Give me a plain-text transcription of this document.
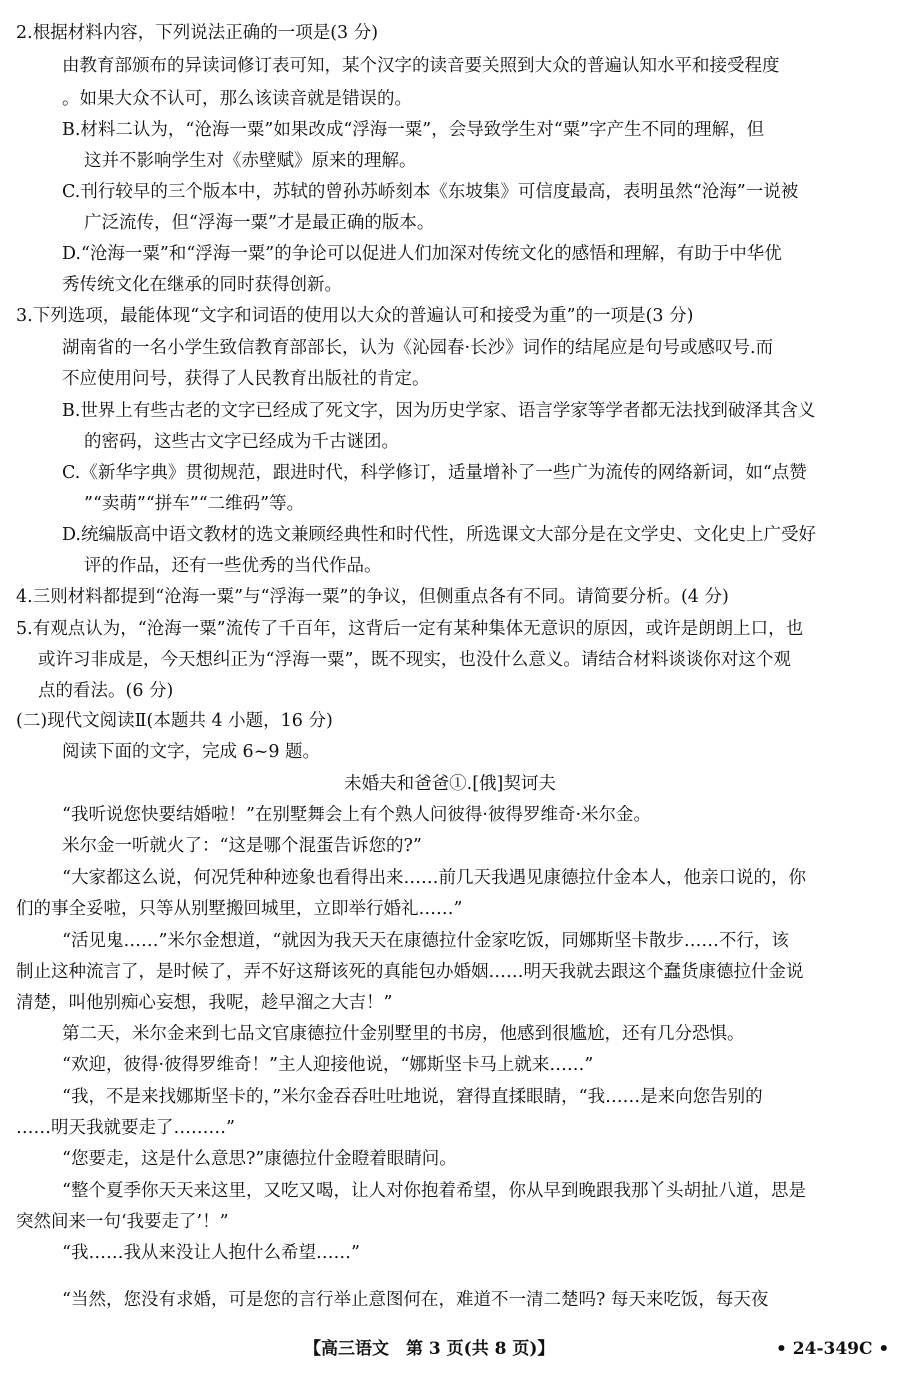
2.根据材料内容，下列说法正确的一项是(3 分)
由教育部颁布的异读词修订表可知，某个汉字的读音要关照到大众的普遍认知水平和接受程度
。如果大众不认可，那么该读音就是错误的。
B.材料二认为，“沧海一粟”如果改成“浮海一粟”，会导致学生对“粟”字产生不同的理解，但
这并不影响学生对《赤壁赋》原来的理解。
C.刊行较早的三个版本中，苏轼的曾孙苏峤刻本《东坡集》可信度最高，表明虽然“沧海”一说被
广泛流传，但“浮海一粟”才是最正确的版本。
D.“沧海一粟”和“浮海一粟”的争论可以促进人们加深对传统文化的感悟和理解，有助于中华优
秀传统文化在继承的同时获得创新。
3.下列选项，最能体现“文字和词语的使用以大众的普遍认可和接受为重”的一项是(3 分)
湖南省的一名小学生致信教育部部长，认为《沁园春·长沙》词作的结尾应是句号或感叹号.而
不应使用问号，获得了人民教育出版社的肯定。
B.世界上有些古老的文字已经成了死文字，因为历史学家、语言学家等学者都无法找到破泽其含义
的密码，这些古文字已经成为千古谜团。
C.《新华字典》贯彻规范，跟进时代，科学修订，适量增补了一些广为流传的网络新词，如“点赞
”“卖萌”“拼车”“二维码”等。
D.统编版高中语文教材的选文兼顾经典性和时代性，所选课文大部分是在文学史、文化史上广受好
评的作品，还有一些优秀的当代作品。
4.三则材料都提到“沧海一粟”与“浮海一粟”的争议，但侧重点各有不同。请简要分析。(4 分)
5.有观点认为，“沧海一粟”流传了千百年，这背后一定有某种集体无意识的原因，或许是朗朗上口，也
或许习非成是，今天想纠正为“浮海一粟”，既不现实，也没什么意义。请结合材料谈谈你对这个观
点的看法。(6 分)
(二)现代文阅读Ⅱ(本题共 4 小题，16 分)
阅读下面的文字，完成 6~9 题。
未婚夫和爸爸①.[俄]契诃夫
“我听说您快要结婚啦！”在别墅舞会上有个熟人问彼得·彼得罗维奇·米尔金。
米尔金一听就火了：“这是哪个混蛋告诉您的?”
“大家都这么说，何况凭种种迹象也看得出来……前几天我遇见康德拉什金本人，他亲口说的，你
们的事全妥啦，只等从别墅搬回城里，立即举行婚礼……”
“活见鬼……”米尔金想道，“就因为我天天在康德拉什金家吃饭，同娜斯坚卡散步……不行，该
制止这种流言了，是时候了，弄不好这搿该死的真能包办婚姻……明天我就去跟这个蠢货康德拉什金说
清楚，叫他别痴心妄想，我呢，趁早溜之大吉！”
第二天，米尔金来到七品文官康德拉什金别墅里的书房，他感到很尴尬，还有几分恐惧。
“欢迎，彼得·彼得罗维奇！”主人迎接他说，“娜斯坚卡马上就来……”
“我，不是来找娜斯坚卡的，”米尔金吞吞吐吐地说，窘得直揉眼睛，“我……是来向您告别的
……明天我就要走了………”
“您要走，这是什么意思?”康德拉什金瞪着眼睛问。
“整个夏季你天天来这里，又吃又喝，让人对你抱着希望，你从早到晚跟我那丫头胡扯八道，思是
突然间来一句‘我要走了’！”
“我……我从来没让人抱什么希望……”
“当然，您没有求婚，可是您的言行举止意图何在，难道不一清二楚吗? 每天来吃饭，每天夜
【高三语文　第 3 页(共 8 页)】	• 24-349C •
